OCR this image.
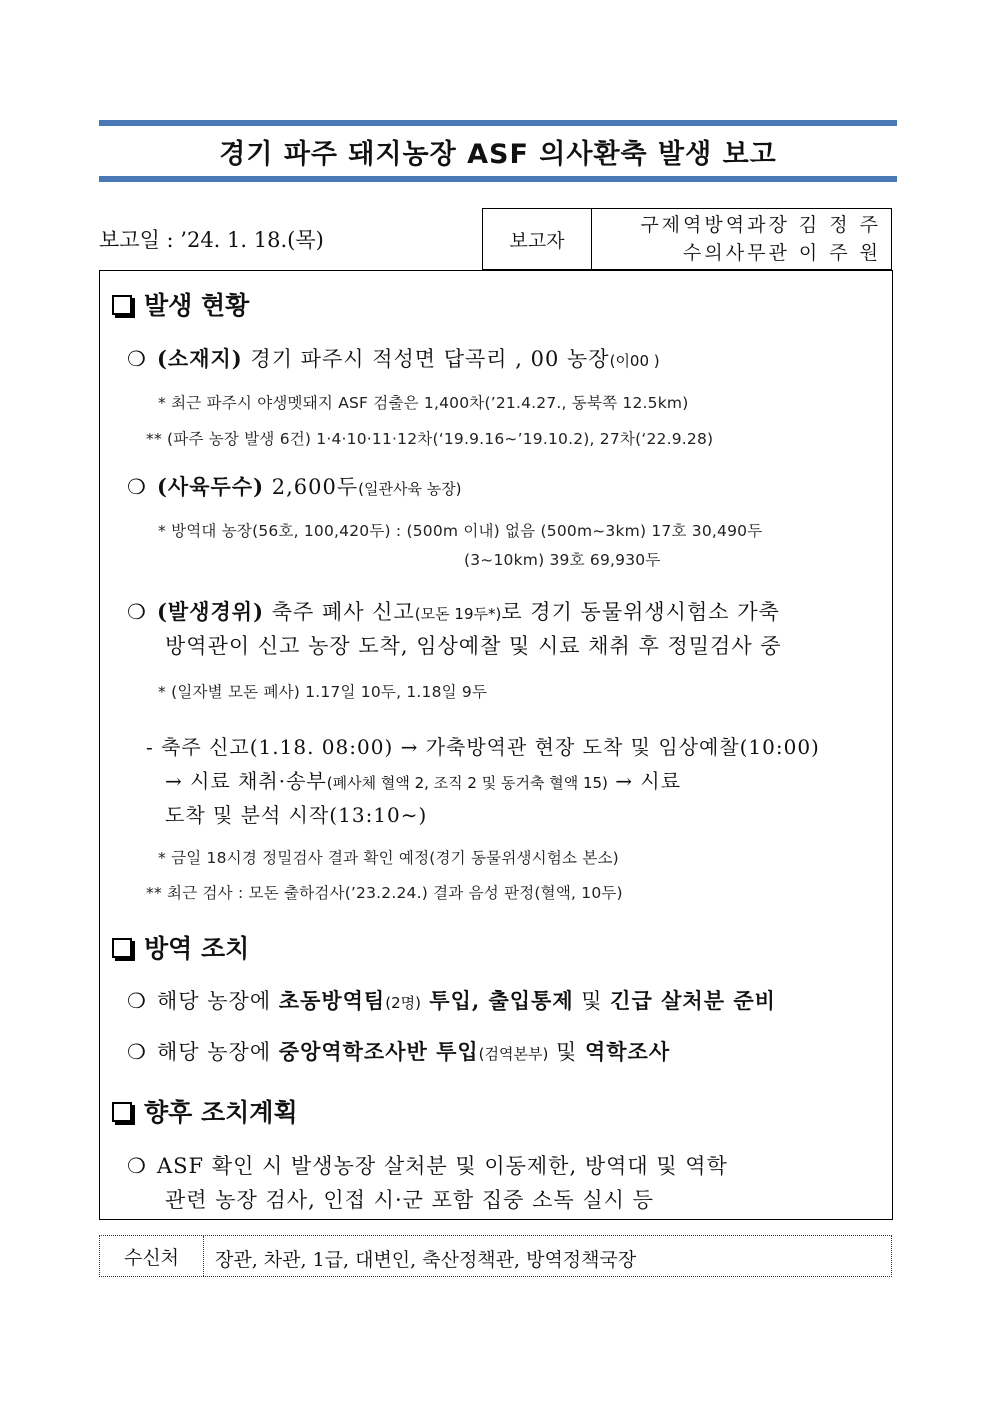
경기 파주 돼지농장 ASF 의사환축 발생 보고
보고일 : ’24. 1. 18.(목)	보고자
구제역방역과장 김 정 주
수의사무관 이 주 원
발생 현황
❍ (소재지) 경기 파주시 적성면 답곡리 , 00 농장(이00 )
* 최근 파주시 야생멧돼지 ASF 검출은 1,400차(’21.4.27., 동북쪽 12.5km)
** (파주 농장 발생 6건) 1·4·10·11·12차(‘19.9.16∼’19.10.2), 27차(‘22.9.28)
❍ (사육두수) 2,600두(일관사육 농장)
* 방역대 농장(56호, 100,420두) : (500m 이내) 없음 (500m~3km) 17호 30,490두
(3~10km) 39호 69,930두
❍ (발생경위) 축주 폐사 신고(모돈 19두*)로 경기 동물위생시험소 가축
방역관이 신고 농장 도착, 임상예찰 및 시료 채취 후 정밀검사 중
* (일자별 모돈 폐사) 1.17일 10두, 1.18일 9두
- 축주 신고(1.18. 08:00) → 가축방역관 현장 도착 및 임상예찰(10:00)
→ 시료 채취·송부(폐사체 혈액 2, 조직 2 및 동거축 혈액 15) → 시료
도착 및 분석 시작(13:10∼)
* 금일 18시경 정밀검사 결과 확인 예정(경기 동물위생시험소 본소)
** 최근 검사 : 모돈 출하검사(’23.2.24.) 결과 음성 판정(혈액, 10두)
방역 조치
❍ 해당 농장에 초동방역팀(2명) 투입, 출입통제 및 긴급 살처분 준비
❍ 해당 농장에 중앙역학조사반 투입(검역본부) 및 역학조사
향후 조치계획
❍ ASF 확인 시 발생농장 살처분 및 이동제한, 방역대 및 역학
관련 농장 검사, 인접 시·군 포함 집중 소독 실시 등
수신처	장관, 차관, 1급, 대변인, 축산정책관, 방역정책국장
